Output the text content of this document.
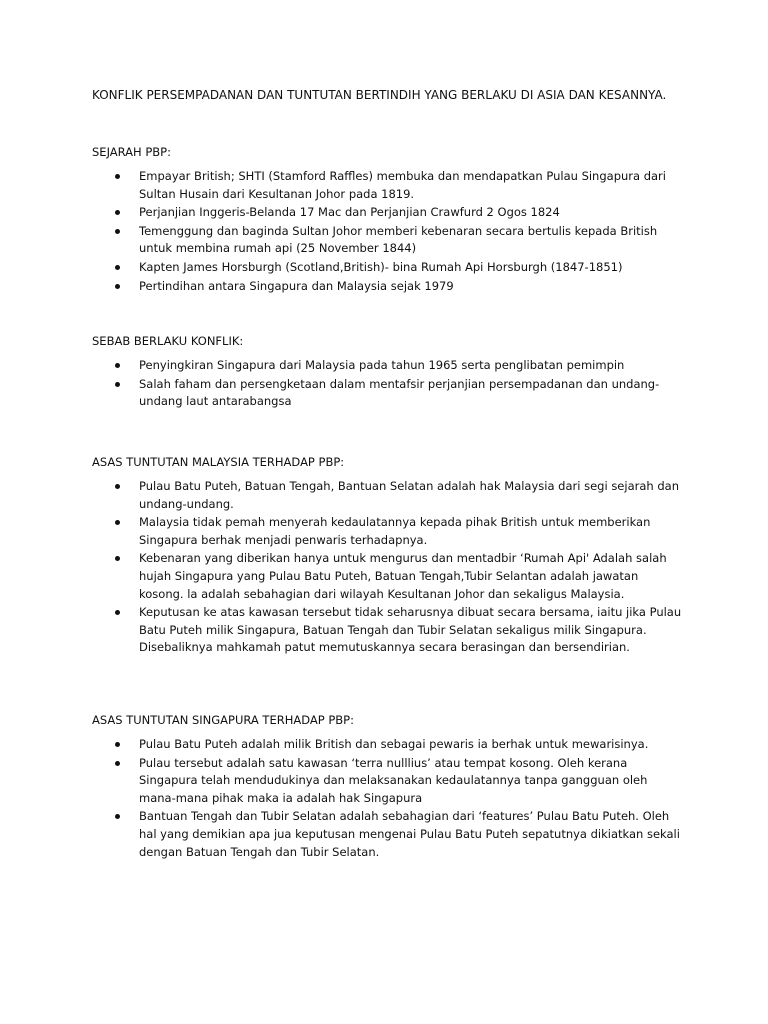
KONFLIK PERSEMPADANAN DAN TUNTUTAN BERTINDIH YANG BERLAKU DI ASIA DAN KESANNYA.
SEJARAH PBP:
Empayar British; SHTI (Stamford Raffles) membuka dan mendapatkan Pulau Singapura dari Sultan Husain dari Kesultanan Johor pada 1819.
Perjanjian Inggeris-Belanda 17 Mac dan Perjanjian Crawfurd 2 Ogos 1824
Temenggung dan baginda Sultan Johor memberi kebenaran secara bertulis kepada British untuk membina rumah api (25 November 1844)
Kapten James Horsburgh (Scotland,British)- bina Rumah Api Horsburgh (1847-1851)
Pertindihan antara Singapura dan Malaysia sejak 1979
SEBAB BERLAKU KONFLIK:
Penyingkiran Singapura dari Malaysia pada tahun 1965 serta penglibatan pemimpin
Salah faham dan persengketaan dalam mentafsir perjanjian persempadanan dan undang-undang laut antarabangsa
ASAS TUNTUTAN MALAYSIA TERHADAP PBP:
Pulau Batu Puteh, Batuan Tengah, Bantuan Selatan adalah hak Malaysia dari segi sejarah dan undang-undang.
Malaysia tidak pemah menyerah kedaulatannya kepada pihak British untuk memberikan Singapura berhak menjadi penwaris terhadapnya.
Kebenaran yang diberikan hanya untuk mengurus dan mentadbir ‘Rumah Api' Adalah salah hujah Singapura yang Pulau Batu Puteh, Batuan Tengah,Tubir Selantan adalah jawatan kosong. la adalah sebahagian dari wilayah Kesultanan Johor dan sekaligus Malaysia.
Keputusan ke atas kawasan tersebut tidak seharusnya dibuat secara bersama, iaitu jika Pulau Batu Puteh milik Singapura, Batuan Tengah dan Tubir Selatan sekaligus milik Singapura. Disebaliknya mahkamah patut memutuskannya secara berasingan dan bersendirian.
ASAS TUNTUTAN SINGAPURA TERHADAP PBP:
Pulau Batu Puteh adalah milik British dan sebagai pewaris ia berhak untuk mewarisinya.
Pulau tersebut adalah satu kawasan ‘terra nulllius’ atau tempat kosong. Oleh kerana Singapura telah mendudukinya dan melaksanakan kedaulatannya tanpa gangguan oleh mana-mana pihak maka ia adalah hak Singapura
Bantuan Tengah dan Tubir Selatan adalah sebahagian dari ‘features’ Pulau Batu Puteh. Oleh hal yang demikian apa jua keputusan mengenai Pulau Batu Puteh sepatutnya dikiatkan sekali dengan Batuan Tengah dan Tubir Selatan.
